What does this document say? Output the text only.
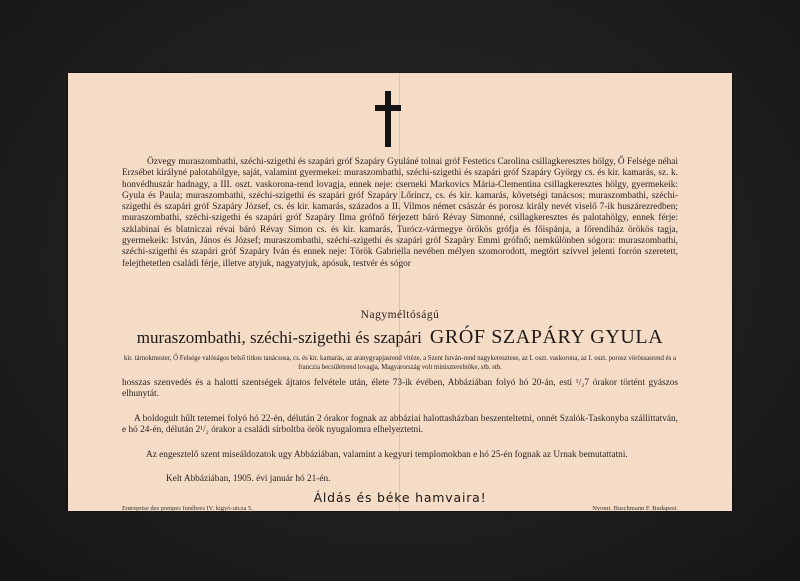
Özvegy muraszombathi, széchi-szigethi és szapári gróf Szapáry Gyuláné tolnai gróf Festetics Carolina csillagkeresztes hölgy, Ő Felsége néhai Erzsébet királyné palotahölgye, saját, valamint gyermekei: muraszombathi, széchi-szigethi és szapári gróf Szapáry György cs. és kir. kamarás, sz. k. honvédhuszár hadnagy, a III. oszt. vaskorona-rend lovagja, ennek neje: cserneki Markovics Mária-Clementina csillagkeresztes hölgy, gyermekeik: Gyula és Paula; muraszombathi, széchi-szigethi és szapári gróf Szapáry Lőrincz, cs. és kir. kamarás, követségi tanácsos; muraszombathi, széchi-szigethi és szapári gróf Szapáry József, cs. és kir. kamarás, százados a II. Vilmos német császár és porosz király nevét viselő 7-ik huszárezredben; muraszombathi, széchi-szigethi és szapári gróf Szapáry Ilma grófnő férjezett báró Révay Simonné, csillagkeresztes és palotahölgy, ennek férje: szklabinai és blatniczai révai báró Révay Simon cs. és kir. kamarás, Turócz-vármegye örökös grófja és főispánja, a főrendiház örökös tagja, gyermekeik: István, János és József; muraszombathi, széchi-szigethi és szapári gróf Szapáry Emmi grófnő; nemkülönben sógora: muraszombathi, széchi-szigethi és szapári gróf Szapáry Iván és ennek neje: Török Gabriella nevében mélyen szomorodott, megtört szívvel jelenti forrón szeretett, felejthetetlen családi férje, illetve atyjuk, nagyatyjuk, apósuk, testvér és sógor

Nagyméltóságú
muraszombathi, széchi-szigethi és szapári GRÓF SZAPÁRY GYULA
kir. tárnokmester, Ő Felsége valóságos belső titkos tanácsosa, cs. és kir. kamarás, az aranygyapjasrend vitéze, a Szent István-rend nagykeresztese, az I. oszt. vaskorona, az I. oszt. porosz vörössasrend és a franczia becsületrend lovagja, Magyarország volt miniszterelnöke, stb. stb.

hosszas szenvedés és a halotti szentségek ájtatos felvétele után, élete 73-ik évében, Abbáziában folyó hó 20-án, esti ¹/₂7 órakor történt gyászos elhunytát.

A boldogult hűlt tetemei folyó hó 22-én, délután 2 órakor fognak az abbáziai halottasházban beszenteltetni, onnét Szalók-Taskonyba szállíttatván, e hó 24-én, délután 2¹/₂ órakor a családi sírboltba örök nyugalomra elhelyeztetni.

Az engesztelő szent miseáldozatok ugy Abbáziában, valamint a kegyuri templomokban e hó 25-én fognak az Urnak bemutattatni.

Kelt Abbáziában, 1905. évi január hó 21-én.
Áldás és béke hamvaira!
Entreprise des pompes funèbres IV. kigyó-utcza 5.	Nyomt. Buschmann F. Budapest.
